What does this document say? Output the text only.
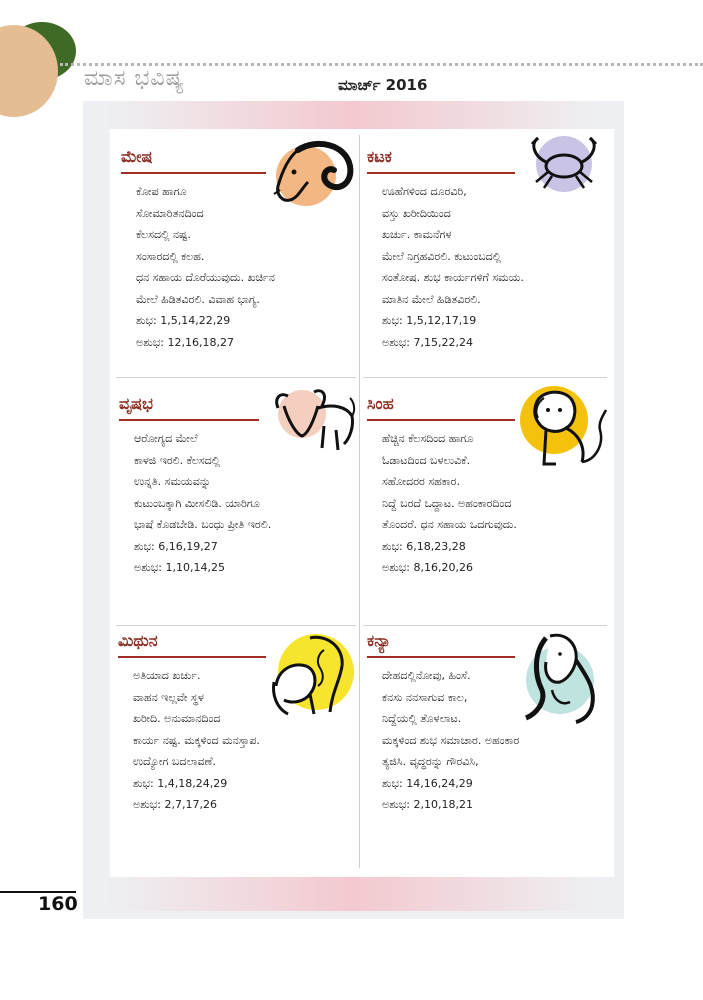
ಮಾಸ ಭವಿಷ್ಯ	ಮಾರ್ಚ್ 2016
ಮೇಷ
ಕೋಪ ಹಾಗೂ
ಸೋಮಾರಿತನದಿಂದ
ಕೆಲಸದಲ್ಲಿ ನಷ್ಟ.
ಸಂಸಾರದಲ್ಲಿ ಕಲಹ.
ಧನ ಸಹಾಯ ದೊರೆಯುವುದು. ಖರ್ಚಿನ
ಮೇಲೆ ಹಿಡಿತವಿರಲಿ. ವಿವಾಹ ಭಾಗ್ಯ.
ಶುಭ: 1,5,14,22,29
ಅಶುಭ: 12,16,18,27
ಕಟಕ
ಊಹೆಗಳಿಂದ ದೂರವಿರಿ,
ವಸ್ತು ಖರೀದಿಯಿಂದ
ಖರ್ಚು. ಕಾಮನೆಗಳ
ಮೇಲೆ ನಿಗ್ರಹವಿರಲಿ. ಕುಟುಂಬದಲ್ಲಿ
ಸಂತೋಷ. ಶುಭ ಕಾರ್ಯಗಳಿಗೆ ಸಮಯ.
ಮಾತಿನ ಮೇಲೆ ಹಿಡಿತವಿರಲಿ.
ಶುಭ: 1,5,12,17,19
ಅಶುಭ: 7,15,22,24
ವೃಷಭ
ಆರೋಗ್ಯದ ಮೇಲೆ
ಕಾಳಜಿ ಇರಲಿ. ಕೆಲಸದಲ್ಲಿ
ಉನ್ನತಿ. ಸಮಯವನ್ನು
ಕುಟುಂಬಕ್ಕಾಗಿ ಮೀಸಲಿಡಿ. ಯಾರಿಗೂ
ಭಾಷೆ ಕೊಡಬೇಡಿ. ಬಂಧು ಪ್ರೀತಿ ಇರಲಿ.
ಶುಭ: 6,16,19,27
ಅಶುಭ: 1,10,14,25
ಸಿಂಹ
ಹೆಚ್ಚಿನ ಕೆಲಸದಿಂದ ಹಾಗೂ
ಓಡಾಟದಿಂದ ಬಳಲುವಿಕೆ.
ಸಹೋದರರ ಸಹಕಾರ.
ನಿದ್ದೆ ಬರದೆ ಒದ್ದಾಟ. ಅಹಂಕಾರದಿಂದ
ತೊಂದರೆ. ಧನ ಸಹಾಯ ಒದಗುವುದು.
ಶುಭ: 6,18,23,28
ಅಶುಭ: 8,16,20,26
ಮಿಥುನ
ಅತಿಯಾದ ಖರ್ಚು.
ವಾಹನ ಇಲ್ಲವೇ ಸ್ಥಳ
ಖರೀದಿ. ಅನುಮಾನದಿಂದ
ಕಾರ್ಯ ನಷ್ಟ. ಮಕ್ಕಳಿಂದ ಮನಸ್ತಾಪ.
ಉದ್ಯೋಗ ಬದಲಾವಣೆ.
ಶುಭ: 1,4,18,24,29
ಅಶುಭ: 2,7,17,26
ಕನ್ಯಾ
ದೇಹದಲ್ಲಿನೋವು, ಹಿಂಸೆ.
ಕನಸು ನನಸಾಗುವ ಕಾಲ,
ನಿದ್ದೆಯಲ್ಲಿ ತೊಳಲಾಟ.
ಮಕ್ಕಳಿಂದ ಶುಭ ಸಮಾಚಾರ. ಅಹಂಕಾರ
ತ್ಯಜಿಸಿ. ವೃದ್ಧರನ್ನು ಗೌರವಿಸಿ,
ಶುಭ: 14,16,24,29
ಅಶುಭ: 2,10,18,21
160
